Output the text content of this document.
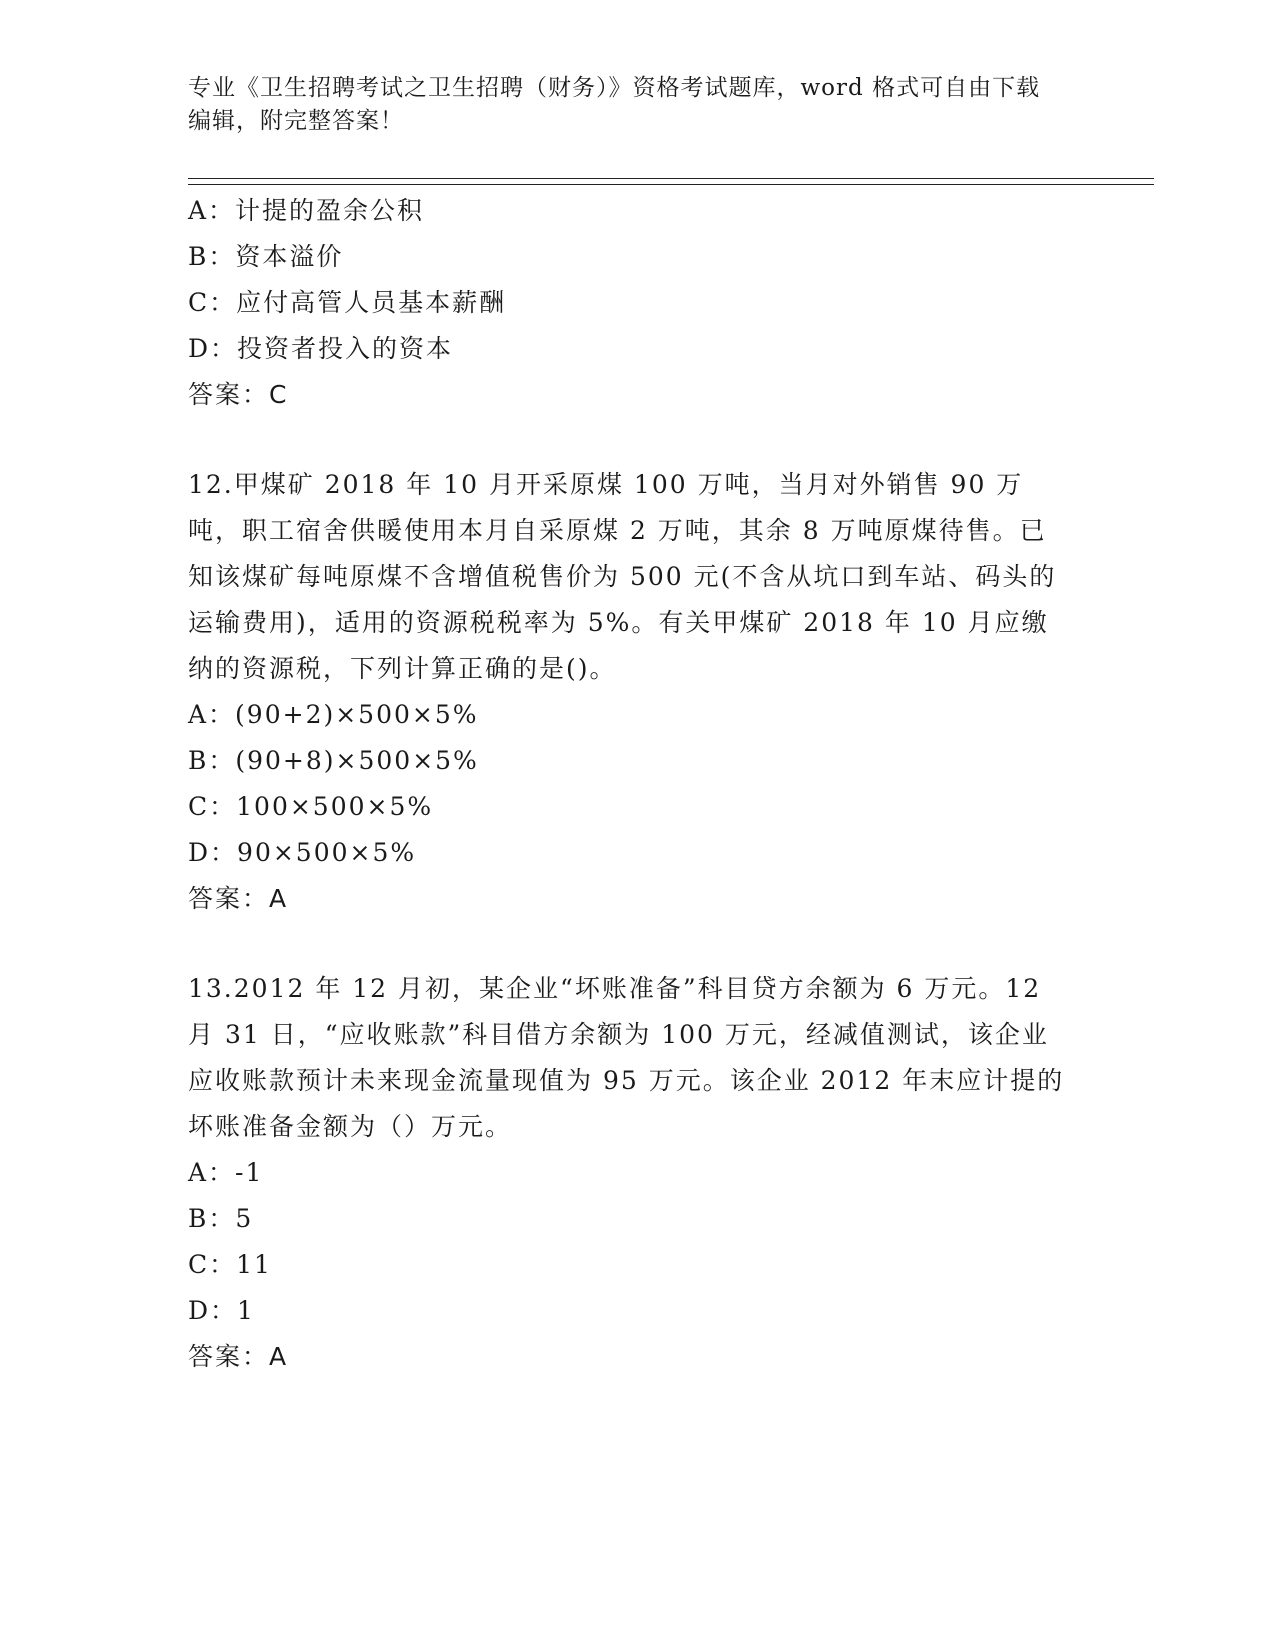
专业《卫生招聘考试之卫生招聘（财务）》资格考试题库，word 格式可自由下载
编辑，附完整答案！
A：计提的盈余公积
B：资本溢价
C：应付高管人员基本薪酬
D：投资者投入的资本
答案：C
12.甲煤矿 2018 年 10 月开采原煤 100 万吨，当月对外销售 90 万吨，职工宿舍供暖使用本月自采原煤 2 万吨，其余 8 万吨原煤待售。已知该煤矿每吨原煤不含增值税售价为 500 元(不含从坑口到车站、码头的运输费用)，适用的资源税税率为 5%。有关甲煤矿 2018 年 10 月应缴纳的资源税，下列计算正确的是()。
A：(90+2)×500×5%
B：(90+8)×500×5%
C：100×500×5%
D：90×500×5%
答案：A
13.2012 年 12 月初，某企业“坏账准备”科目贷方余额为 6 万元。12 月 31 日，“应收账款”科目借方余额为 100 万元，经减值测试，该企业应收账款预计未来现金流量现值为 95 万元。该企业 2012 年末应计提的坏账准备金额为（）万元。
A：-1
B：5
C：11
D：1
答案：A
